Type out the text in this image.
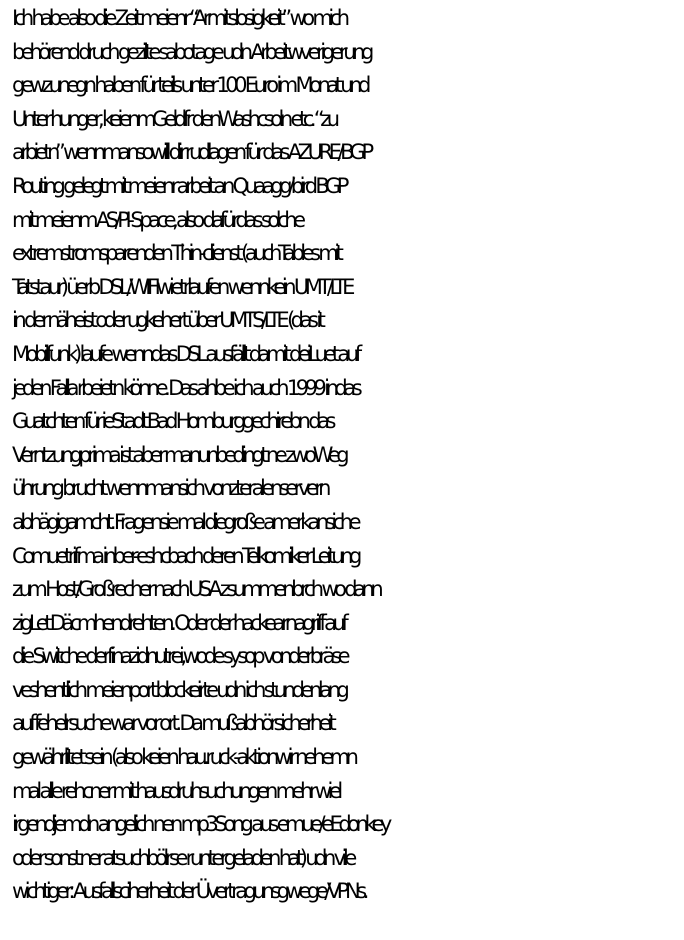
Ich habe also die Zeit meienr “Armitslosigkeit” wo mich
behörend druch gezilte sabotage udn Arbeitwverigerung
gewzunegn haben für teils unter 100 Euro im Monat und
Unter hunger, keienmGeldfr denWashcsoln etc. “zu
arbietn” wennmansowill dir rudlagen für das AZURE/BGP
Routing gelegt mit meienr arbeit an Quaagg/bird BGP
mit meienm AS/PI-Space, also dafürdas solche
extremstromsparenden Thin-clienst (auchTables mit
Tatstaur) üerb DSL/WIFIwietrlaufen wennkein UMT/LTE
in der näheist oder ugkehert über UMTS/LTE (das it
Mobilfunk) laufe wenndas DSL ausfällt damit deiLuet auf
jeden Falla rbeietn könne. Das ahbe ich auch 1999 indas
Guatchten für ieStadt Bad Homburggechirebn das
Verntzungprima ist aber manunbedingt ne zwoWeg
ührung brucht wennmansich vonzteralenservern
abhägigamcht. Fragensie mal diegroße amerkansiche
Comuetrifma inber-eshcbach deren Telkomiker Leitung
zum Host/Großrecher nach USA zsummenbrch wo dann
zigLet Däcmhendrehten. Oder der hackearnagriff auf
die Switche derfinazidnutrei,wode sysop vonderbräse
veshentlich meienport blockeirte udn ich stundenlang
auf fehelrsuche war vor ort. Da mußabhörsicherheit
gewährlitet sein (also keien hau.ruck-aktionwir nehemn
mal alle rehcner mit hausdruhsuchungen mehr wiel
irgendjemdn angelich nen mp3Song aus emue/eEdonkey
oder sonst ner atsuchbölrse runtergeladen hat) udn vile
wichtiger: Ausfallsciherheit der Üvertragunsgwege/VPNs.
